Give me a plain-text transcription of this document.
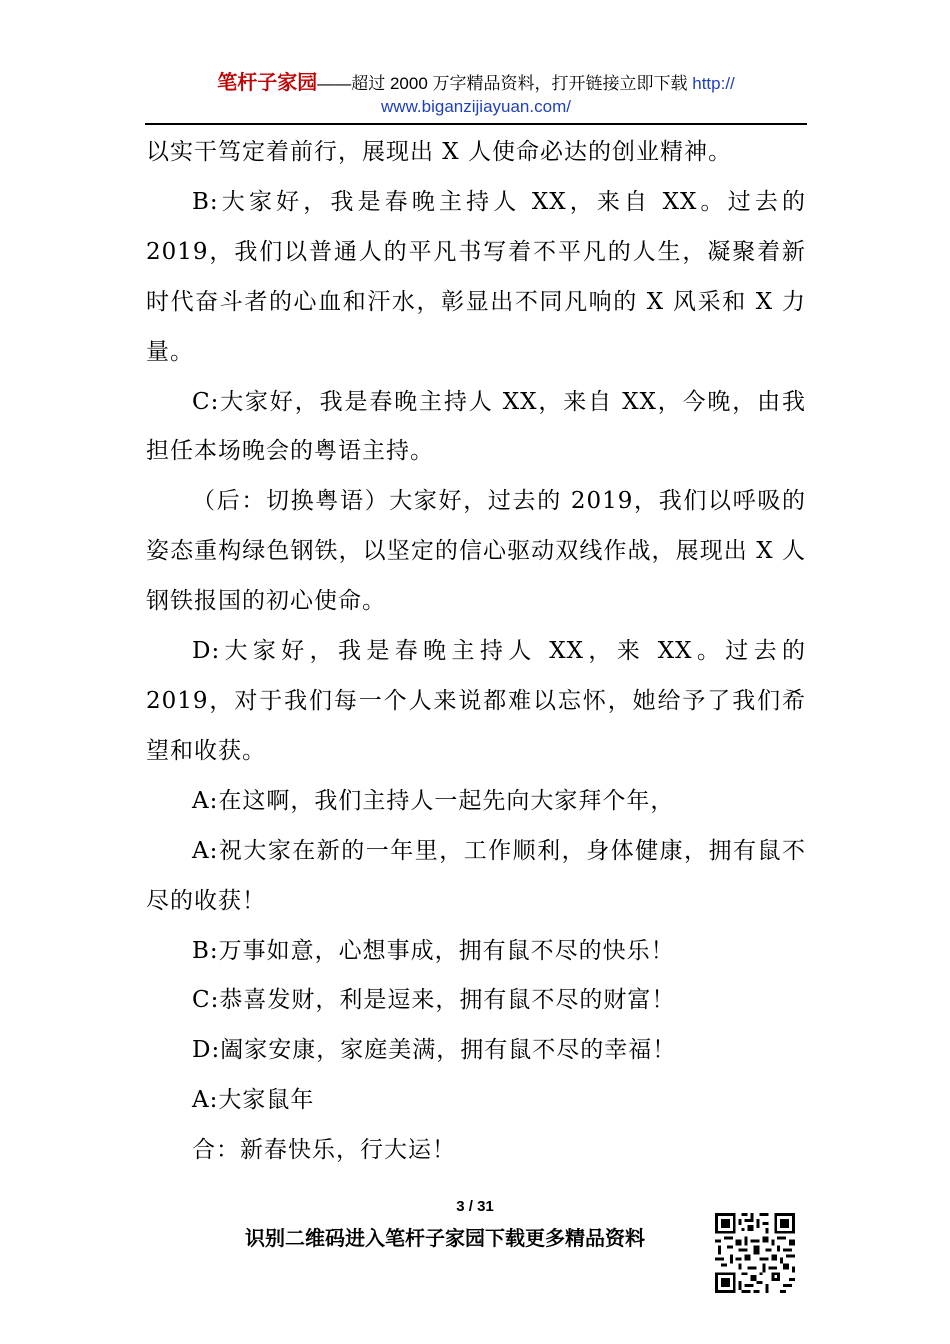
笔杆子家园——超过 2000 万字精品资料，打开链接立即下载 http://
www.biganzijiayuan.com/

以实干笃定着前行，展现出 X 人使命必达的创业精神。

B:大家好，我是春晚主持人 XX，来自 XX。过去的 2019，我们以普通人的平凡书写着不平凡的人生，凝聚着新时代奋斗者的心血和汗水，彰显出不同凡响的 X 风采和 X 力量。

C:大家好，我是春晚主持人 XX，来自 XX，今晚，由我担任本场晚会的粤语主持。

（后：切换粤语）大家好，过去的 2019，我们以呼吸的姿态重构绿色钢铁，以坚定的信心驱动双线作战，展现出 X 人钢铁报国的初心使命。

D:大家好，我是春晚主持人 XX，来 XX。过去的 2019，对于我们每一个人来说都难以忘怀，她给予了我们希望和收获。

A:在这啊，我们主持人一起先向大家拜个年，

A:祝大家在新的一年里，工作顺利，身体健康，拥有鼠不尽的收获！

B:万事如意，心想事成，拥有鼠不尽的快乐！

C:恭喜发财，利是逗来，拥有鼠不尽的财富！

D:阖家安康，家庭美满，拥有鼠不尽的幸福！

A:大家鼠年

合：新春快乐，行大运！

3 / 31
识别二维码进入笔杆子家园下载更多精品资料
